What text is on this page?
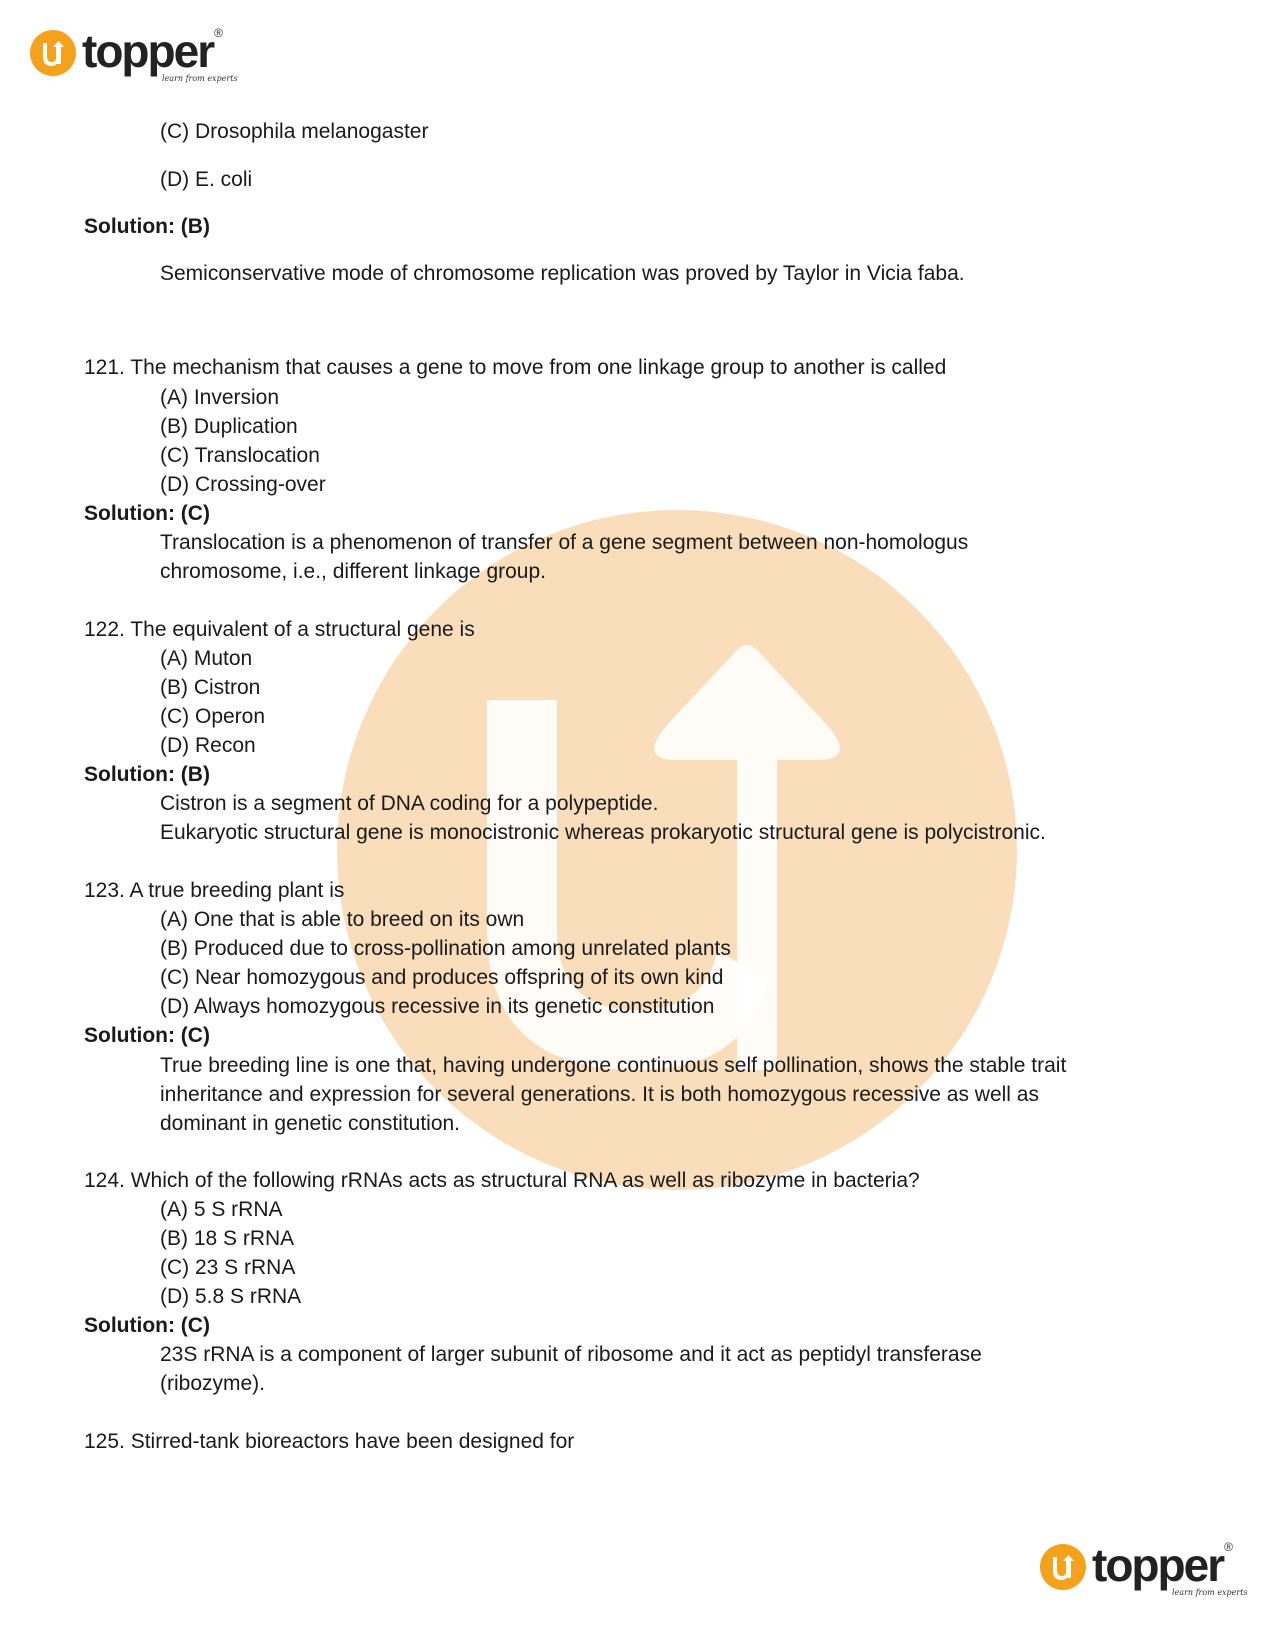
topper ®
learn from experts
topper ®
learn from experts
(C) Drosophila melanogaster
(D) E. coli
Solution: (B)
Semiconservative mode of chromosome replication was proved by Taylor in Vicia faba.
121. The mechanism that causes a gene to move from one linkage group to another is called
(A) Inversion
(B) Duplication
(C) Translocation
(D) Crossing-over
Solution: (C)
Translocation is a phenomenon of transfer of a gene segment between non-homologus
chromosome, i.e., different linkage group.
122. The equivalent of a structural gene is
(A) Muton
(B) Cistron
(C) Operon
(D) Recon
Solution: (B)
Cistron is a segment of DNA coding for a polypeptide.
Eukaryotic structural gene is monocistronic whereas prokaryotic structural gene is polycistronic.
123. A true breeding plant is
(A) One that is able to breed on its own
(B) Produced due to cross-pollination among unrelated plants
(C) Near homozygous and produces offspring of its own kind
(D) Always homozygous recessive in its genetic constitution
Solution: (C)
True breeding line is one that, having undergone continuous self pollination, shows the stable trait
inheritance and expression for several generations. It is both homozygous recessive as well as
dominant in genetic constitution.
124. Which of the following rRNAs acts as structural RNA as well as ribozyme in bacteria?
(A) 5 S rRNA
(B) 18 S rRNA
(C) 23 S rRNA
(D) 5.8 S rRNA
Solution: (C)
23S rRNA is a component of larger subunit of ribosome and it act as peptidyl transferase
(ribozyme).
125. Stirred-tank bioreactors have been designed for
